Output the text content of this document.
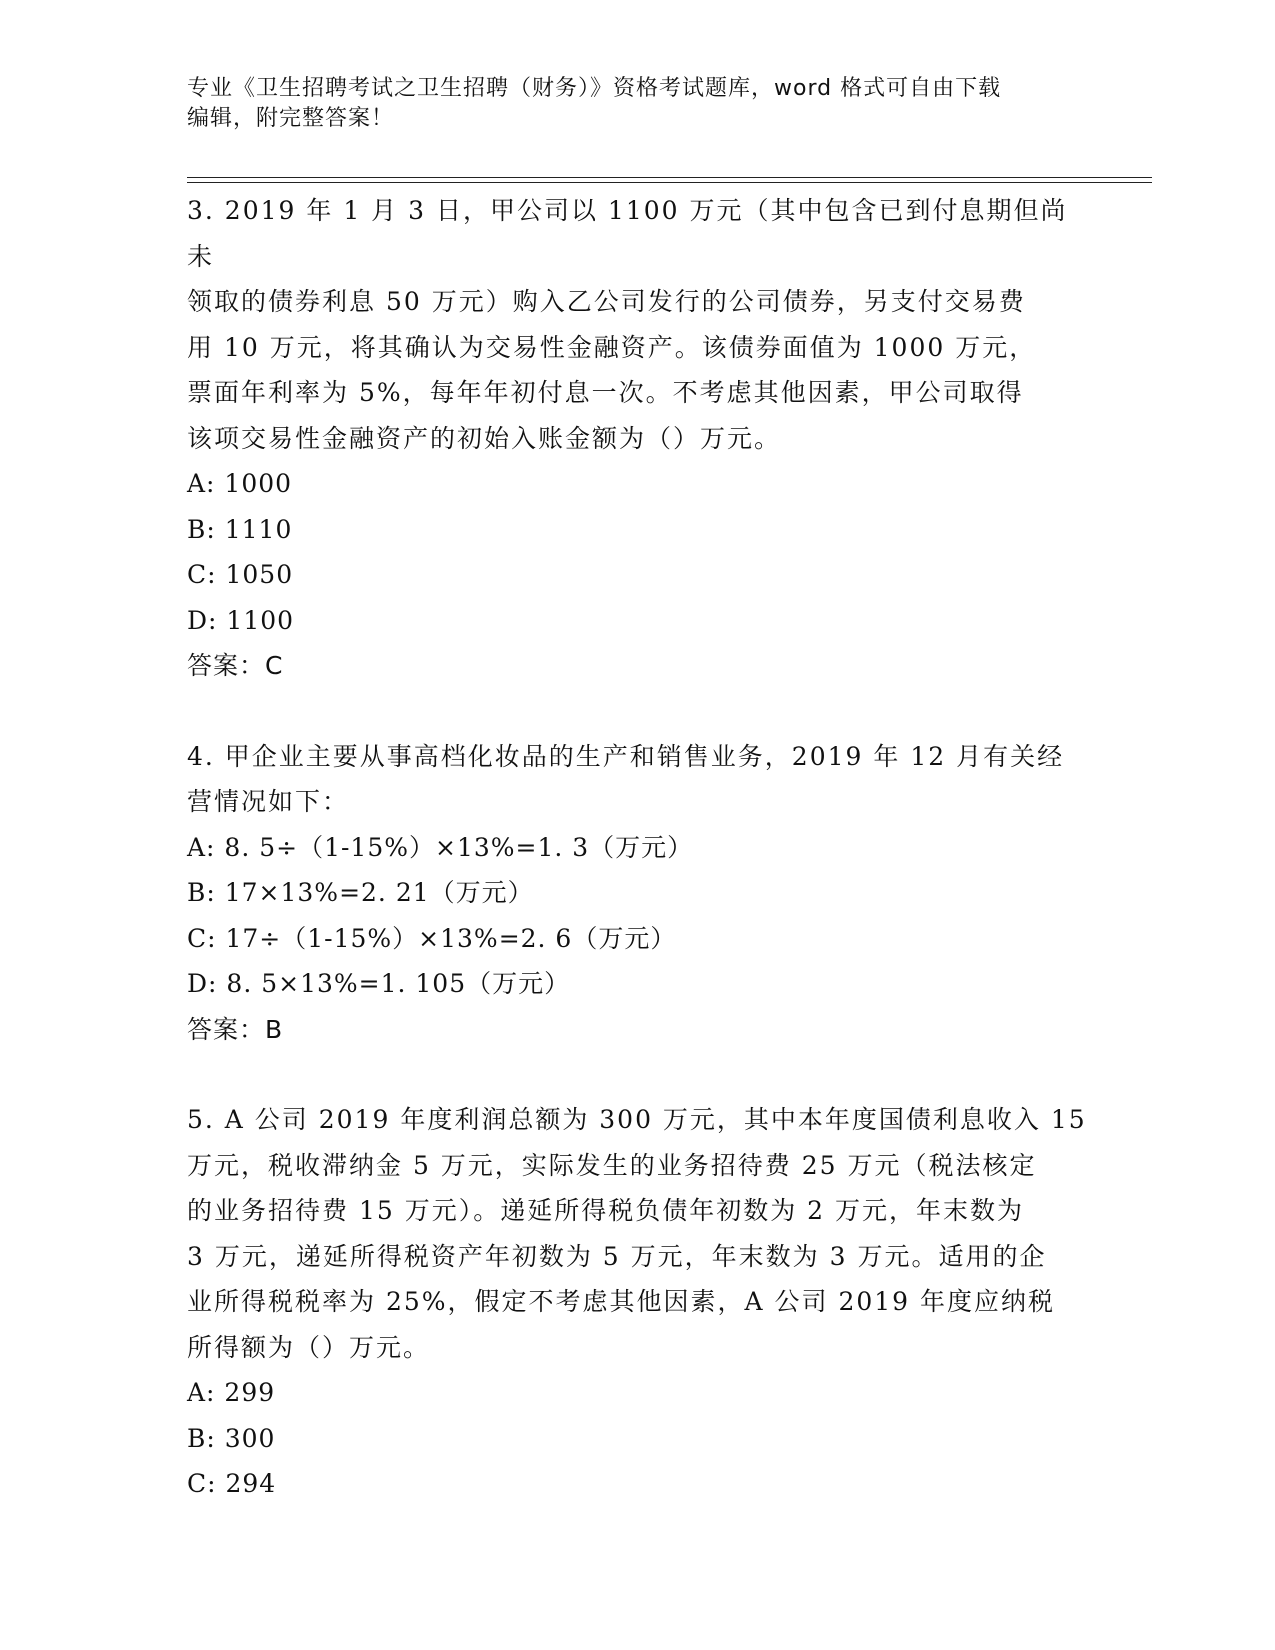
专业《卫生招聘考试之卫生招聘（财务）》资格考试题库，word 格式可自由下载
编辑，附完整答案！
3. 2019 年 1 月 3 日，甲公司以 1100 万元（其中包含已到付息期但尚未
领取的债券利息 50 万元）购入乙公司发行的公司债券，另支付交易费
用 10 万元，将其确认为交易性金融资产。该债券面值为 1000 万元，
票面年利率为 5%，每年年初付息一次。不考虑其他因素，甲公司取得
该项交易性金融资产的初始入账金额为（）万元。
A: 1000
B: 1110
C: 1050
D: 1100
答案：C
4. 甲企业主要从事高档化妆品的生产和销售业务，2019 年 12 月有关经
营情况如下：
A: 8. 5÷（1-15%）×13%=1. 3（万元）
B: 17×13%=2. 21（万元）
C: 17÷（1-15%）×13%=2. 6（万元）
D: 8. 5×13%=1. 105（万元）
答案：B
5. A 公司 2019 年度利润总额为 300 万元，其中本年度国债利息收入 15
万元，税收滞纳金 5 万元，实际发生的业务招待费 25 万元（税法核定
的业务招待费 15 万元）。递延所得税负债年初数为 2 万元，年末数为
3 万元，递延所得税资产年初数为 5 万元，年末数为 3 万元。适用的企
业所得税税率为 25%，假定不考虑其他因素，A 公司 2019 年度应纳税
所得额为（）万元。
A: 299
B: 300
C: 294
